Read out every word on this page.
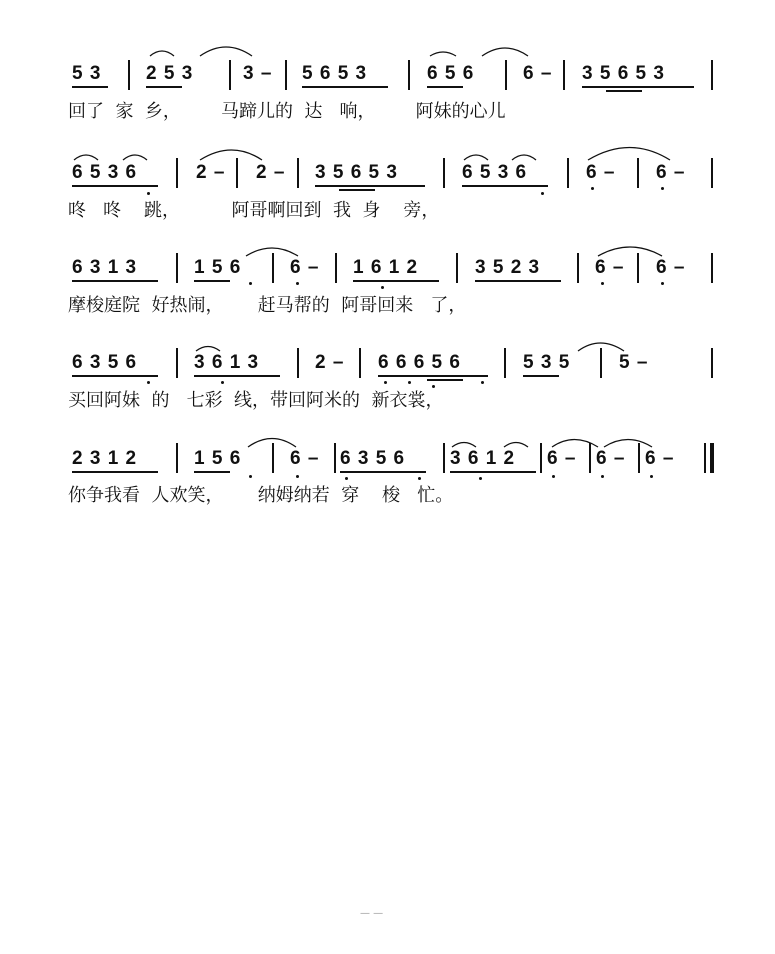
5 3

2 5 3

	3 –

5 6 5 3

	6 5 6

	6 –

3 5 6 5 3

回了  家  乡，       马蹄儿的  达   响，       阿妹的心儿

6 5 3 6

	2 –

2 –

3 5 6 5 3

	6 5 3 6

	6 –

6 –

咚   咚    跳，         阿哥啊回到  我  身    旁，

6 3 1 3

	1 5 6

	6 –

1 6 1 2

	3 5 2 3

	6 –

6 –

摩梭庭院  好热闹，      赶马帮的  阿哥回来   了，

6 3 5 6

	3 6 1 3

	2 –

6 6 6 5 6

	5 3 5

	5 –

买回阿妹  的   七彩  线，带回阿米的  新衣裳，

2 3 1 2

	1 5 6

	6 –

6 3 5 6

3 6 1 2

6 –

6 –

6 –

你争我看  人欢笑，      纳姆纳若  穿    梭   忙。
— —
